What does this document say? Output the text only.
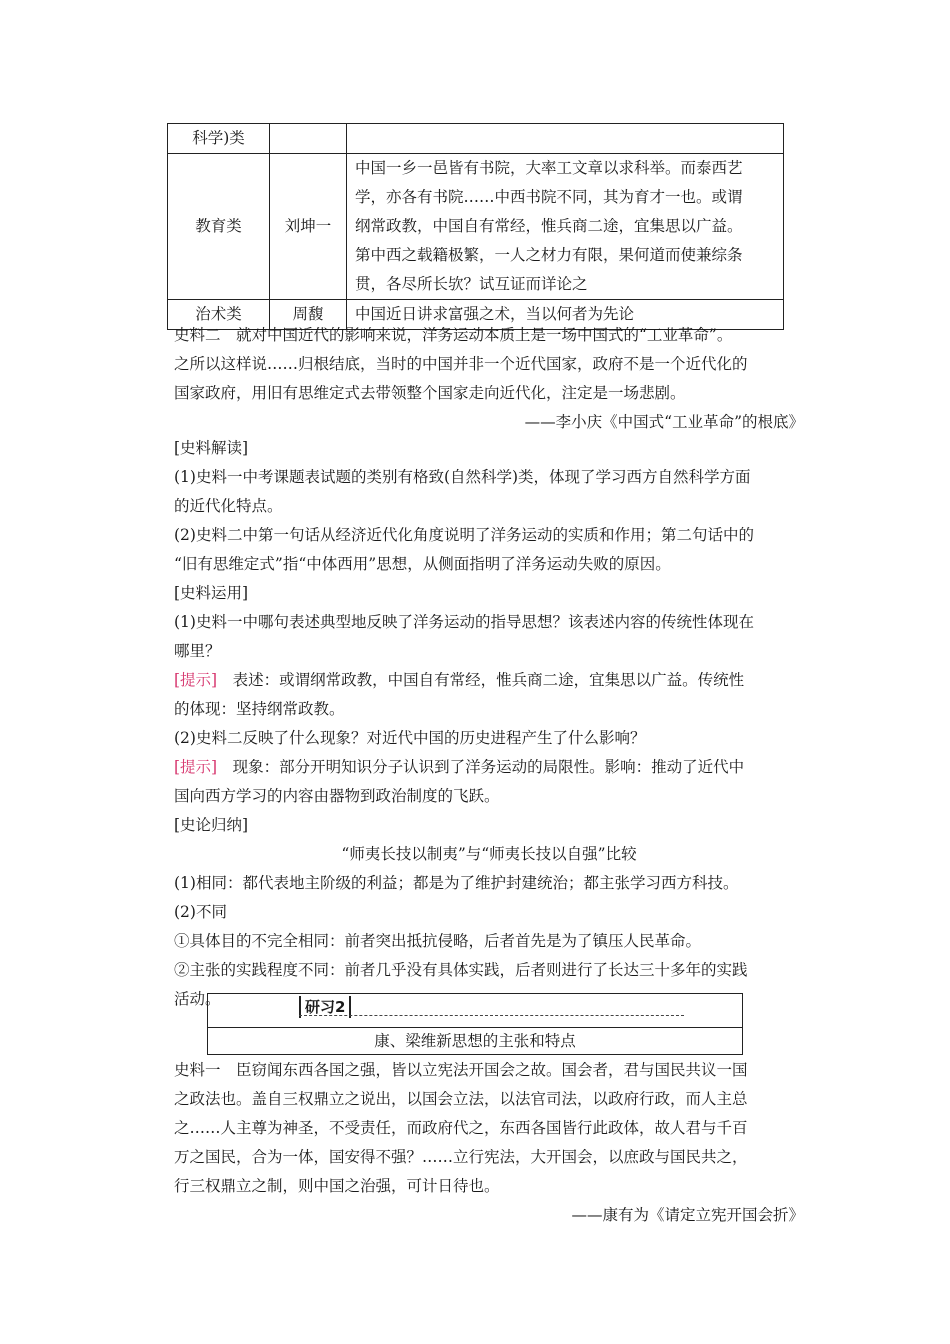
科学)类		
教育类	刘坤一	中国一乡一邑皆有书院，大率工文章以求科举。而泰西艺
学，亦各有书院……中西书院不同，其为育才一也。或谓
纲常政教，中国自有常经，惟兵商二途，宜集思以广益。
第中西之载籍极繁，一人之材力有限，果何道而使兼综条
贯，各尽所长欤？试互证而详论之

治术类	周馥	中国近日讲求富强之术，当以何者为先论
史料二　就对中国近代的影响来说，洋务运动本质上是一场中国式的“工业革命”。
之所以这样说……归根结底，当时的中国并非一个近代国家，政府不是一个近代化的
国家政府，用旧有思维定式去带领整个国家走向近代化，注定是一场悲剧。
——李小庆《中国式“工业革命”的根底》
[史料解读]
(1)史料一中考课题表试题的类别有格致(自然科学)类，体现了学习西方自然科学方面
的近代化特点。
(2)史料二中第一句话从经济近代化角度说明了洋务运动的实质和作用；第二句话中的
“旧有思维定式”指“中体西用”思想，从侧面指明了洋务运动失败的原因。
[史料运用]
(1)史料一中哪句表述典型地反映了洋务运动的指导思想？该表述内容的传统性体现在
哪里？
[提示]　表述：或谓纲常政教，中国自有常经，惟兵商二途，宜集思以广益。传统性
的体现：坚持纲常政教。
(2)史料二反映了什么现象？对近代中国的历史进程产生了什么影响？
[提示]　现象：部分开明知识分子认识到了洋务运动的局限性。影响：推动了近代中
国向西方学习的内容由器物到政治制度的飞跃。
[史论归纳]
“师夷长技以制夷”与“师夷长技以自强”比较
(1)相同：都代表地主阶级的利益；都是为了维护封建统治；都主张学习西方科技。
(2)不同
①具体目的不完全相同：前者突出抵抗侵略，后者首先是为了镇压人民革命。
②主张的实践程度不同：前者几乎没有具体实践，后者则进行了长达三十多年的实践
活动。	研习2
康、梁维新思想的主张和特点
史料一　臣窃闻东西各国之强，皆以立宪法开国会之故。国会者，君与国民共议一国
之政法也。盖自三权鼎立之说出，以国会立法，以法官司法，以政府行政，而人主总
之……人主尊为神圣，不受责任，而政府代之，东西各国皆行此政体，故人君与千百
万之国民，合为一体，国安得不强？……立行宪法，大开国会，以庶政与国民共之，
行三权鼎立之制，则中国之治强，可计日待也。
——康有为《请定立宪开国会折》
